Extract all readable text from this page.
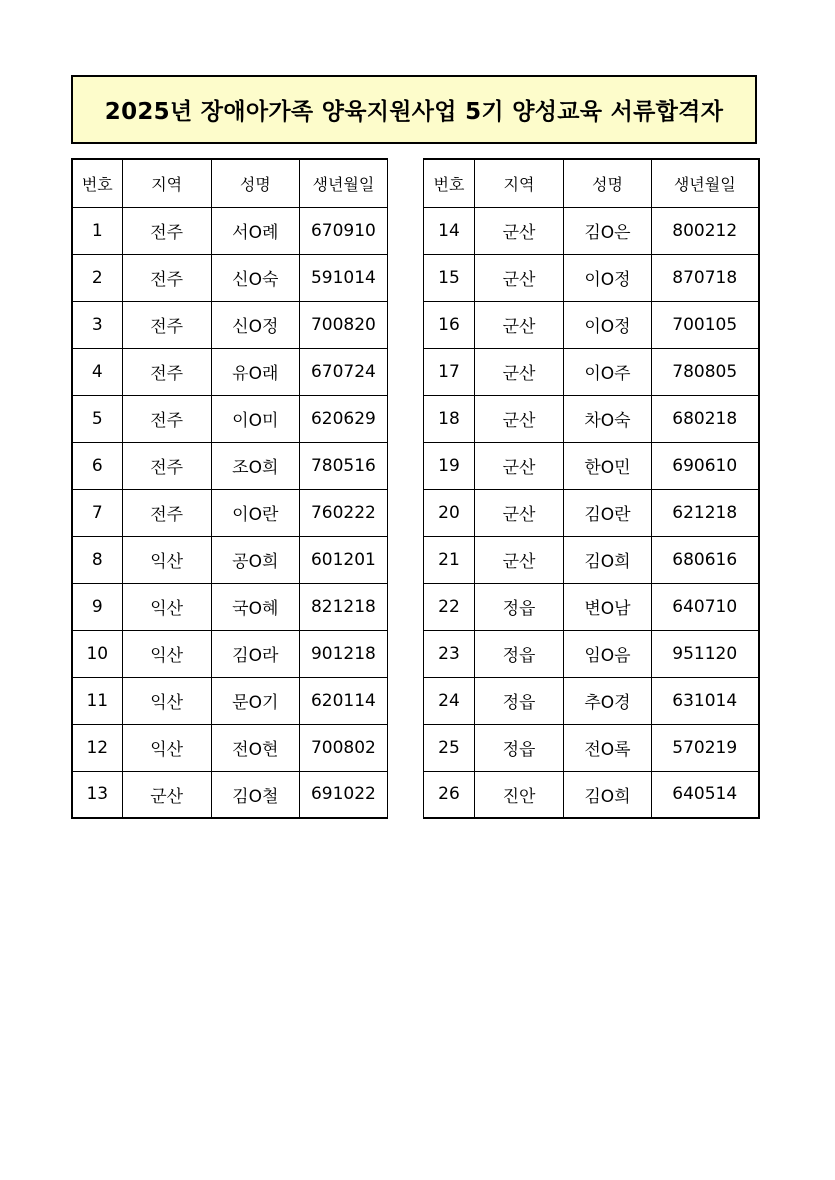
2025년 장애아가족 양육지원사업 5기 양성교육 서류합격자
번호	지역	성명	생년월일
1	전주	서O례	670910
2	전주	신O숙	591014
3	전주	신O정	700820
4	전주	유O래	670724
5	전주	이O미	620629
6	전주	조O희	780516
7	전주	이O란	760222
8	익산	공O희	601201
9	익산	국O혜	821218
10	익산	김O라	901218
11	익산	문O기	620114
12	익산	전O현	700802
13	군산	김O철	691022
번호	지역	성명	생년월일
14	군산	김O은	800212
15	군산	이O정	870718
16	군산	이O정	700105
17	군산	이O주	780805
18	군산	차O숙	680218
19	군산	한O민	690610
20	군산	김O란	621218
21	군산	김O희	680616
22	정읍	변O남	640710
23	정읍	임O음	951120
24	정읍	추O경	631014
25	정읍	전O록	570219
26	진안	김O희	640514
